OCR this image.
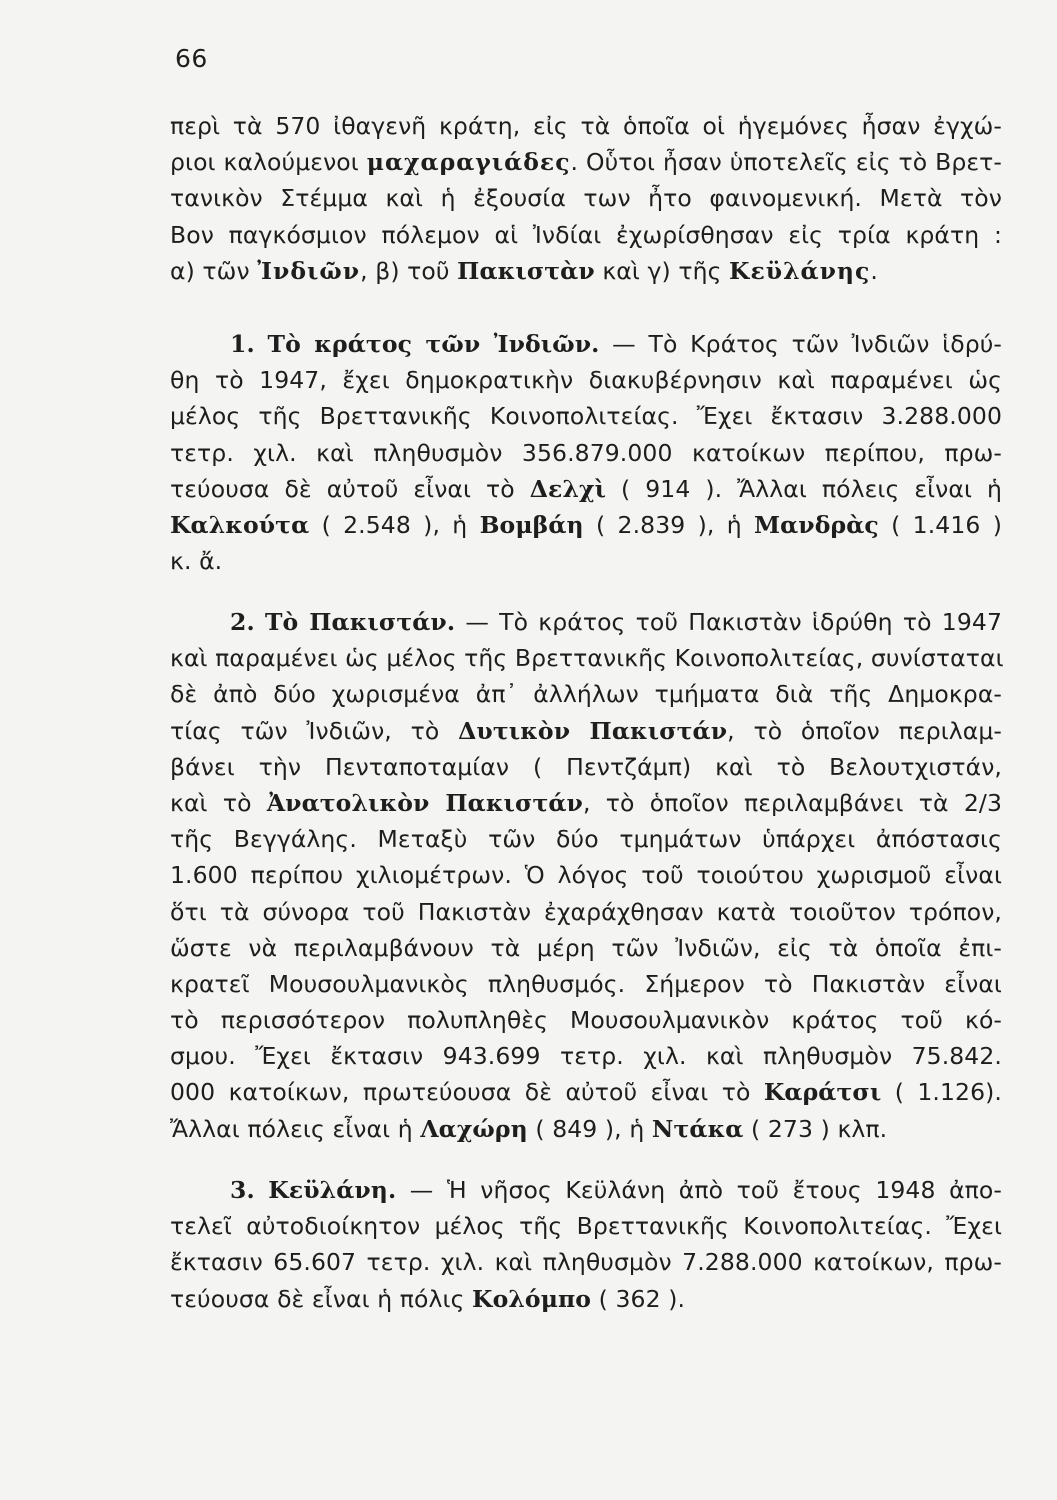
66
περὶ τὰ 570 ἰθαγενῆ κράτη, εἰς τὰ ὁποῖα οἱ ἡγεμόνες ἦσαν ἐγχώ-
ριοι καλούμενοι μαχαραγιάδες. Οὗτοι ἦσαν ὑποτελεῖς εἰς τὸ Βρετ-
τανικὸν Στέμμα καὶ ἡ ἐξουσία των ἦτο φαινομενική. Μετὰ τὸν
Βον παγκόσμιον πόλεμον αἱ Ἰνδίαι ἐχωρίσθησαν εἰς τρία κράτη :
α) τῶν Ἰνδιῶν, β) τοῦ Πακιστὰν καὶ γ) τῆς Κεϋλάνης.
1. Τὸ κράτος τῶν Ἰνδιῶν. — Τὸ Κράτος τῶν Ἰνδιῶν ἱδρύ-
θη τὸ 1947, ἔχει δημοκρατικὴν διακυβέρνησιν καὶ παραμένει ὡς
μέλος τῆς Βρεττανικῆς Κοινοπολιτείας. Ἔχει ἔκτασιν 3.288.000
τετρ. χιλ. καὶ πληθυσμὸν 356.879.000 κατοίκων περίπου, πρω-
τεύουσα δὲ αὐτοῦ εἶναι τὸ Δελχὶ ( 914 ). Ἄλλαι πόλεις εἶναι ἡ
Καλκούτα ( 2.548 ), ἡ Βομβάη ( 2.839 ), ἡ Μανδρὰς ( 1.416 )
κ. ἄ.
2. Τὸ Πακιστάν. — Τὸ κράτος τοῦ Πακιστὰν ἱδρύθη τὸ 1947
καὶ παραμένει ὡς μέλος τῆς Βρεττανικῆς Κοινοπολιτείας, συνίσταται
δὲ ἀπὸ δύο χωρισμένα ἀπ᾽ ἀλλήλων τμήματα διὰ τῆς Δημοκρα-
τίας τῶν Ἰνδιῶν, τὸ Δυτικὸν Πακιστάν, τὸ ὁποῖον περιλαμ-
βάνει τὴν Πενταποταμίαν ( Πεντζάμπ) καὶ τὸ Βελουτχιστάν,
καὶ τὸ Ἀνατολικὸν Πακιστάν, τὸ ὁποῖον περιλαμβάνει τὰ 2/3
τῆς Βεγγάλης. Μεταξὺ τῶν δύο τμημάτων ὑπάρχει ἀπόστασις
1.600 περίπου χιλιομέτρων. Ὁ λόγος τοῦ τοιούτου χωρισμοῦ εἶναι
ὅτι τὰ σύνορα τοῦ Πακιστὰν ἐχαράχθησαν κατὰ τοιοῦτον τρόπον,
ὥστε νὰ περιλαμβάνουν τὰ μέρη τῶν Ἰνδιῶν, εἰς τὰ ὁποῖα ἐπι-
κρατεῖ Μουσουλμανικὸς πληθυσμός. Σήμερον τὸ Πακιστὰν εἶναι
τὸ περισσότερον πολυπληθὲς Μουσουλμανικὸν κράτος τοῦ κό-
σμου. Ἔχει ἔκτασιν 943.699 τετρ. χιλ. καὶ πληθυσμὸν 75.842.
000 κατοίκων, πρωτεύουσα δὲ αὐτοῦ εἶναι τὸ Καράτσι ( 1.126).
Ἄλλαι πόλεις εἶναι ἡ Λαχώρη ( 849 ), ἡ Ντάκα ( 273 ) κλπ.
3. Κεϋλάνη. — Ἡ νῆσος Κεϋλάνη ἀπὸ τοῦ ἔτους 1948 ἀπο-
τελεῖ αὐτοδιοίκητον μέλος τῆς Βρεττανικῆς Κοινοπολιτείας. Ἔχει
ἔκτασιν 65.607 τετρ. χιλ. καὶ πληθυσμὸν 7.288.000 κατοίκων, πρω-
τεύουσα δὲ εἶναι ἡ πόλις Κολόμπο ( 362 ).
